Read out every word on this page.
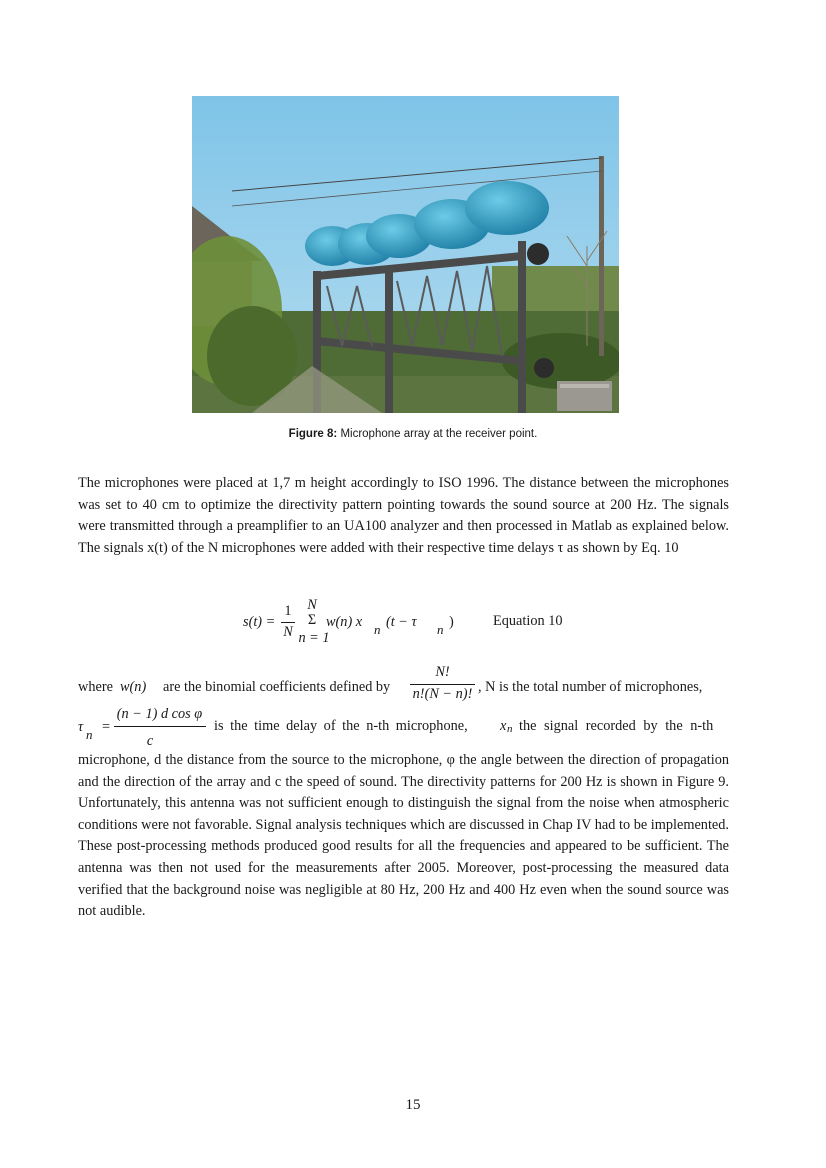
Figure 8: Microphone array at the receiver point.
The microphones were placed at 1,7 m height accordingly to ISO 1996. The distance between the microphones was set to 40 cm to optimize the directivity pattern pointing towards the sound source at 200 Hz. The signals were transmitted through a preamplifier to an UA100 analyzer and then processed in Matlab as explained below. The signals x(t) of the N microphones were added with their respective time delays τ as shown by Eq. 10
s(t) =
1
N
N
Σ
n = 1
w(n) x n (t − τ n )	Equation 10
where w(n) are the binomial coefficients defined by
N!
n!(N − n)! , N is the total number of microphones,
τ n =
(n − 1) d cos φ
c
is the time delay of the n-th microphone, x n the signal recorded by the n-th
microphone, d the distance from the source to the microphone, φ the angle between the direction of propagation and the direction of the array and c the speed of sound. The directivity patterns for 200 Hz is shown in Figure 9. Unfortunately, this antenna was not sufficient enough to distinguish the signal from the noise when atmospheric conditions were not favorable. Signal analysis techniques which are discussed in Chap IV had to be implemented. These post-processing methods produced good results for all the frequencies and appeared to be sufficient. The antenna was then not used for the measurements after 2005. Moreover, post-processing the measured data verified that the background noise was negligible at 80 Hz, 200 Hz and 400 Hz even when the sound source was not audible.
15
